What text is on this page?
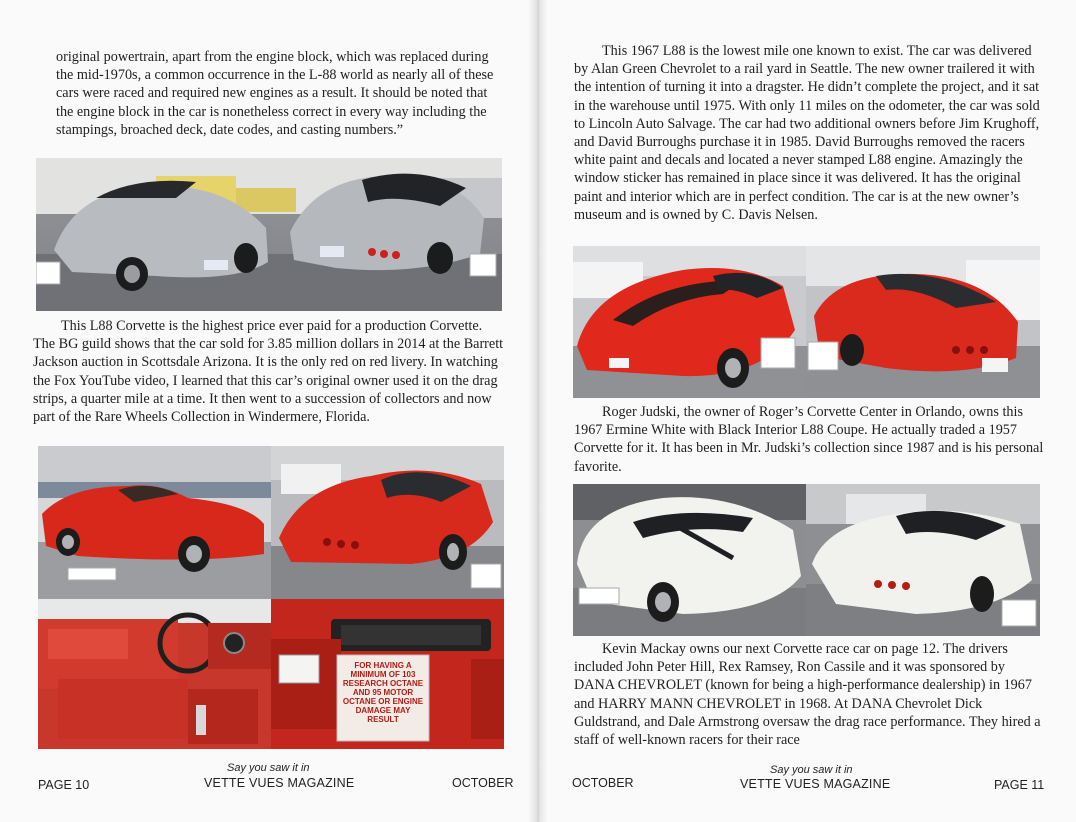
original powertrain, apart from the engine block, which was replaced during the mid-1970s, a common occurrence in the L-88 world as nearly all of these cars were raced and required new engines as a result. It should be noted that the engine block in the car is nonetheless correct in every way including the stampings, broached deck, date codes, and casting numbers.”

This L88 Corvette is the highest price ever paid for a production Corvette. The BG guild shows that the car sold for 3.85 million dollars in 2014 at the Barrett Jackson auction in Scottsdale Arizona. It is the only red on red livery. In watching the Fox YouTube video, I learned that this car’s original owner used it on the drag strips, a quarter mile at a time. It then went to a succession of collectors and now part of the Rare Wheels Collection in Windermere, Florida.

FOR HAVING A MINIMUM OF 103 RESEARCH OCTANE AND 95 MOTOR OCTANE OR ENGINE DAMAGE MAY RESULT
Say you saw it in
PAGE 10	VETTE VUES MAGAZINE	OCTOBER

This 1967 L88 is the lowest mile one known to exist. The car was delivered by Alan Green Chevrolet to a rail yard in Seattle. The new owner trailered it with the intention of turning it into a dragster. He didn’t complete the project, and it sat in the warehouse until 1975. With only 11 miles on the odometer, the car was sold to Lincoln Auto Salvage. The car had two additional owners before Jim Krughoff, and David Burroughs purchase it in 1985. David Burroughs removed the racers white paint and decals and located a never stamped L88 engine. Amazingly the window sticker has remained in place since it was delivered. It has the original paint and interior which are in perfect condition. The car is at the new owner’s museum and is owned by C. Davis Nelsen.

Roger Judski, the owner of Roger’s Corvette Center in Orlando, owns this 1967 Ermine White with Black Interior L88 Coupe. He actually traded a 1957 Corvette for it. It has been in Mr. Judski’s collection since 1987 and is his personal favorite.

Kevin Mackay owns our next Corvette race car on page 12. The drivers included John Peter Hill, Rex Ramsey, Ron Cassile and it was sponsored by DANA CHEVROLET (known for being a high-performance dealership) in 1967 and HARRY MANN CHEVROLET in 1968. At DANA Chevrolet Dick Guldstrand, and Dale Armstrong oversaw the drag race performance. They hired a staff of well-known racers for their race

OCTOBER
Say you saw it in
VETTE VUES MAGAZINE	PAGE 11
